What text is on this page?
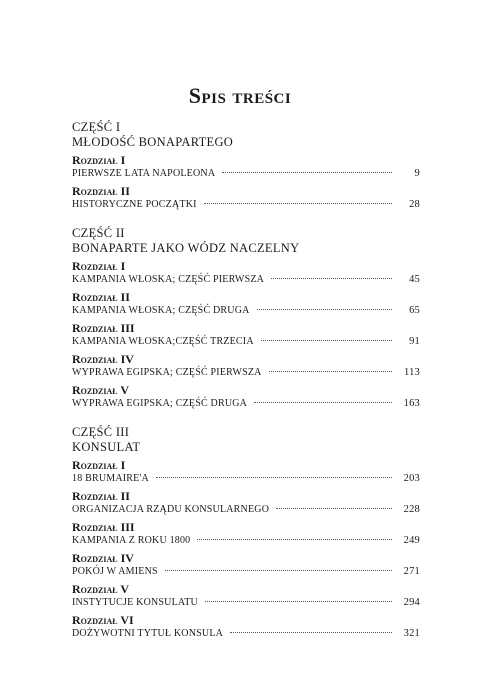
Spis treści
CZĘŚĆ I
MŁODOŚĆ BONAPARTEGO
Rozdział I
PIERWSZE LATA NAPOLEONA	9
Rozdział II
HISTORYCZNE POCZĄTKI	28
CZĘŚĆ II
BONAPARTE JAKO WÓDZ NACZELNY
Rozdział I
KAMPANIA WŁOSKA; CZĘŚĆ PIERWSZA	45
Rozdział II
KAMPANIA WŁOSKA; CZĘŚĆ DRUGA	65
Rozdział III
KAMPANIA WŁOSKA;CZĘŚĆ TRZECIA	91
Rozdział IV
WYPRAWA EGIPSKA; CZĘŚĆ PIERWSZA	113
Rozdział V
WYPRAWA EGIPSKA; CZĘŚĆ DRUGA	163
CZĘŚĆ III
KONSULAT
Rozdział I
18 BRUMAIRE'A	203
Rozdział II
ORGANIZACJA RZĄDU KONSULARNEGO	228
Rozdział III
KAMPANIA Z ROKU 1800	249
Rozdział IV
POKÓJ W AMIENS	271
Rozdział V
INSTYTUCJE KONSULATU	294
Rozdział VI
DOŻYWOTNI TYTUŁ KONSULA	321
